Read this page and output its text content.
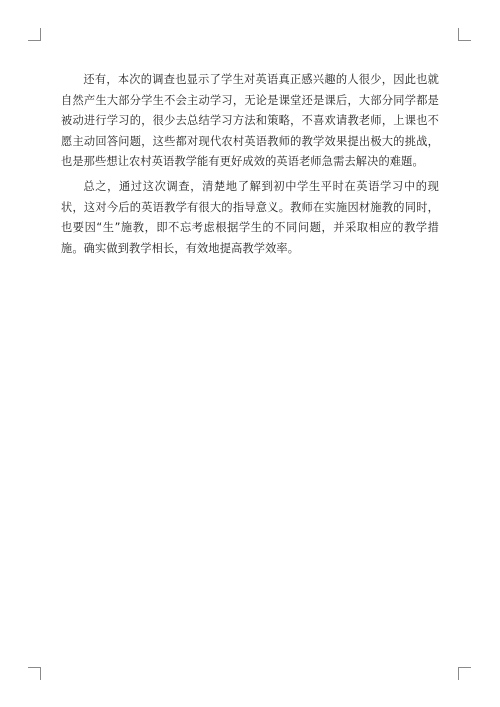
还有，本次的调查也显示了学生对英语真正感兴趣的人很少，因此也就自然产生大部分学生不会主动学习，无论是课堂还是课后，大部分同学都是被动进行学习的，很少去总结学习方法和策略，不喜欢请教老师，上课也不愿主动回答问题，这些都对现代农村英语教师的教学效果提出极大的挑战，也是那些想让农村英语教学能有更好成效的英语老师急需去解决的难题。

总之，通过这次调查，清楚地了解到初中学生平时在英语学习中的现状，这对今后的英语教学有很大的指导意义。教师在实施因材施教的同时，也要因“生”施教，即不忘考虑根据学生的不同问题，并采取相应的教学措施。确实做到教学相长，有效地提高教学效率。
